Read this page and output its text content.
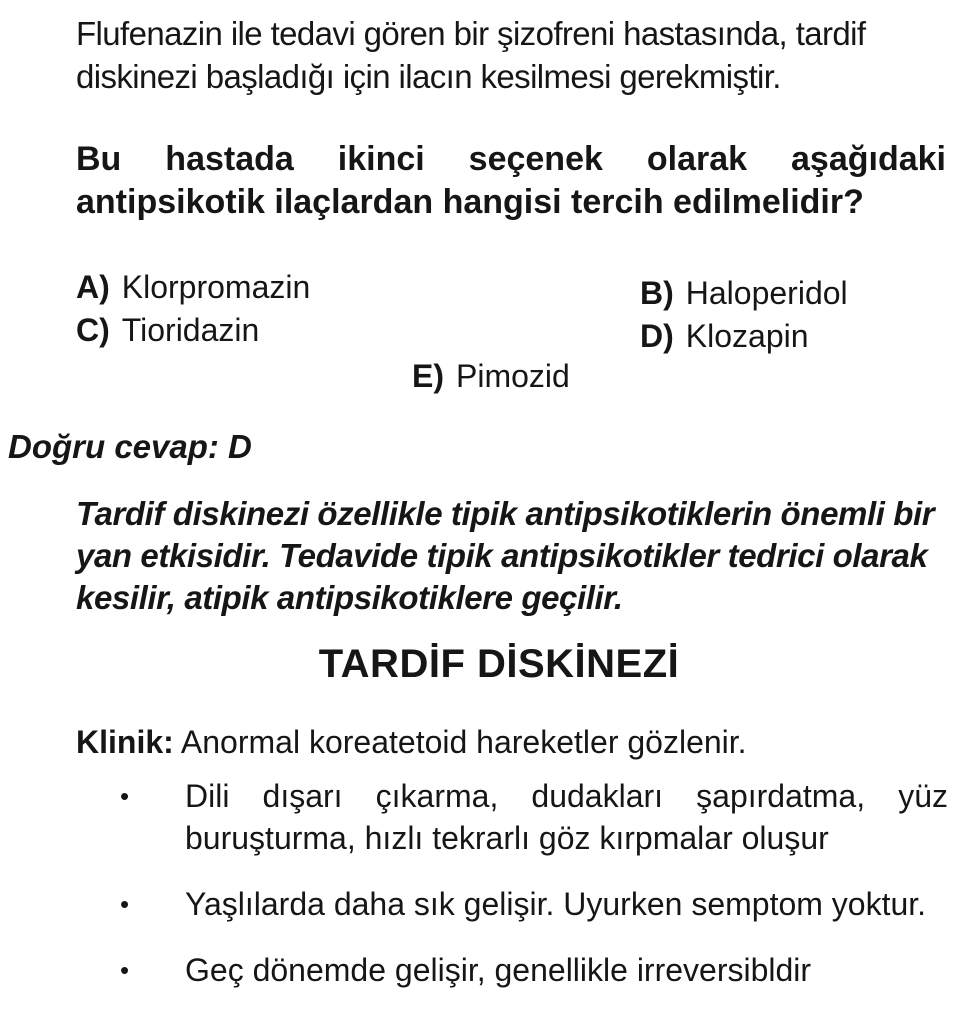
Flufenazin ile tedavi gören bir şizofreni hastasında, tardif diskinezi başladığı için ilacın kesilmesi gerekmiştir.
Bu hastada ikinci seçenek olarak aşağıdaki antipsikotik ilaçlardan hangisi tercih edilmelidir?
A) Klorpromazin	B) Haloperidol
C) Tioridazin	D) Klozapin
E) Pimozid
Doğru cevap: D
Tardif diskinezi özellikle tipik antipsikotiklerin önemli bir yan etkisidir. Tedavide tipik antipsikotikler tedrici olarak kesilir, atipik antipsikotiklere geçilir.
TARDİF DİSKİNEZİ
Klinik: Anormal koreatetoid hareketler gözlenir.
• Dili dışarı çıkarma, dudakları şapırdatma, yüz buruşturma, hızlı tekrarlı göz kırpmalar oluşur
• Yaşlılarda daha sık gelişir. Uyurken semptom yoktur.
• Geç dönemde gelişir, genellikle irreversibldir
